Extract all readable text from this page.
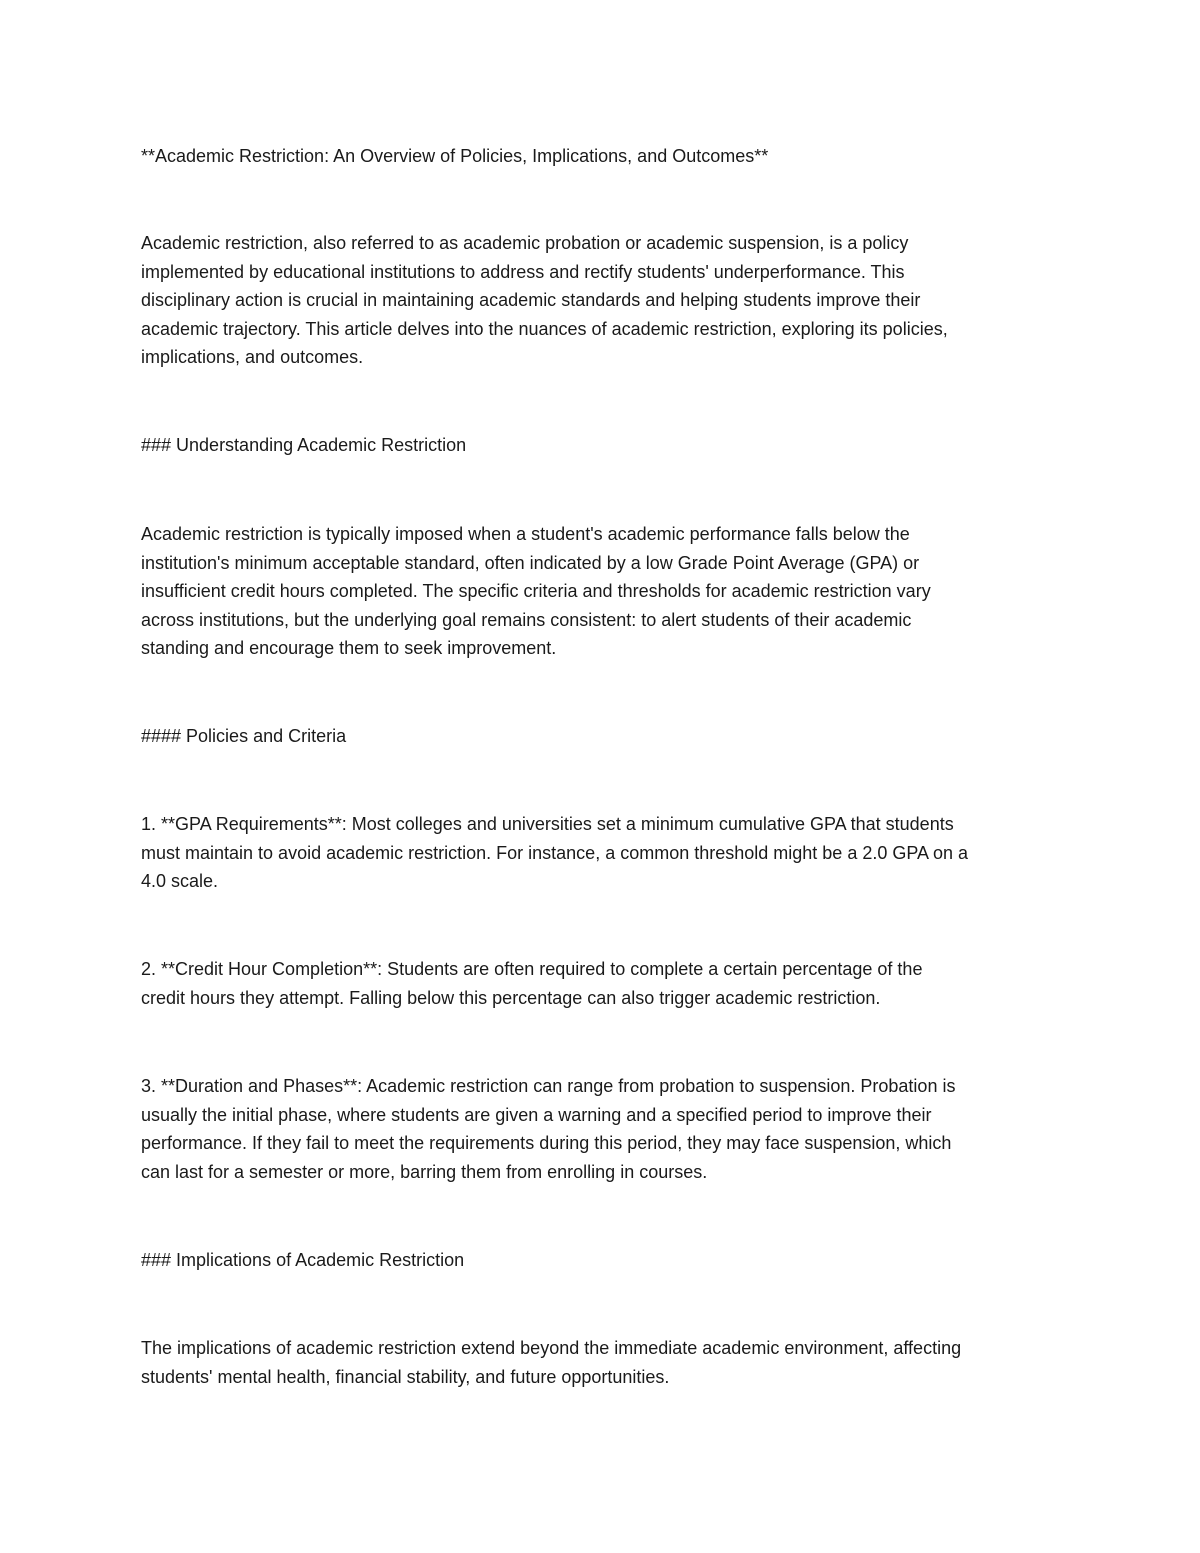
**Academic Restriction: An Overview of Policies, Implications, and Outcomes**

Academic restriction, also referred to as academic probation or academic suspension, is a policy
implemented by educational institutions to address and rectify students' underperformance. This
disciplinary action is crucial in maintaining academic standards and helping students improve their
academic trajectory. This article delves into the nuances of academic restriction, exploring its policies,
implications, and outcomes.

### Understanding Academic Restriction

Academic restriction is typically imposed when a student's academic performance falls below the
institution's minimum acceptable standard, often indicated by a low Grade Point Average (GPA) or
insufficient credit hours completed. The specific criteria and thresholds for academic restriction vary
across institutions, but the underlying goal remains consistent: to alert students of their academic
standing and encourage them to seek improvement.

#### Policies and Criteria

1. **GPA Requirements**: Most colleges and universities set a minimum cumulative GPA that students
must maintain to avoid academic restriction. For instance, a common threshold might be a 2.0 GPA on a
4.0 scale.

2. **Credit Hour Completion**: Students are often required to complete a certain percentage of the
credit hours they attempt. Falling below this percentage can also trigger academic restriction.

3. **Duration and Phases**: Academic restriction can range from probation to suspension. Probation is
usually the initial phase, where students are given a warning and a specified period to improve their
performance. If they fail to meet the requirements during this period, they may face suspension, which
can last for a semester or more, barring them from enrolling in courses.

### Implications of Academic Restriction

The implications of academic restriction extend beyond the immediate academic environment, affecting
students' mental health, financial stability, and future opportunities.
